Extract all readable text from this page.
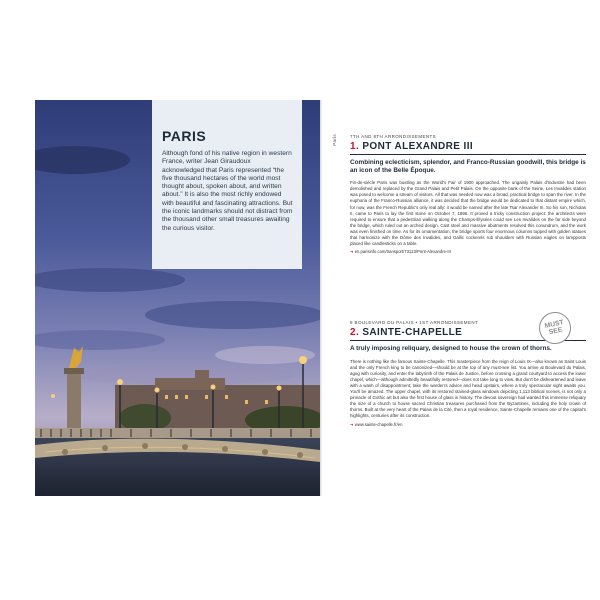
PARIS

Although fond of his native region in western France, writer Jean Giraudoux acknowledged that Paris represented “the five thousand hectares of the world most thought about, spoken about, and written about.” It is also the most richly endowed with beautiful and fascinating attractions. But the iconic landmarks should not distract from the thousand other small treasures awaiting the curious visitor.

Paris	7TH AND 8TH ARRONDISSEMENTS
1. PONT ALEXANDRE III
Combining eclecticism, splendor, and Franco-Russian goodwill, this bridge is an icon of the Belle Époque.
Fin-de-siècle Paris was bustling as the World's Fair of 1900 approached. The ungainly Palais d'Industrie had been demolished and replaced by the Grand Palais and Petit Palais. On the opposite bank of the Seine, Les Invalides station was posed to welcome a stream of visitors. All that was needed now was a broad, practical bridge to span the river. In the euphoria of the Franco-Russian alliance, it was decided that the bridge would be dedicated to that distant empire which, for now, was the French Republic's only real ally: it would be named after the late Tsar Alexander III. So his son, Nicholas II, came to Paris to lay the first stone on October 7, 1896. It proved a tricky construction project: the architects were required to ensure that a pedestrian walking along the Champs-Élysées could see Les Invalides on the far side beyond the bridge, which ruled out an arched design. Cast steel and massive abutments resolved this conundrum, and the work was even finished on time. As for its ornamentation, the bridge sports four enormous columns topped with golden statues that harmonize with the Dôme des Invalides, and Gallic cockerels rub shoulders with Russian eagles on lampposts placed like candlesticks on a table.
➔ en.parisinfo.com/transport/73123/Pont-Alexandre-III
MUST SEE
8 BOULEVARD DU PALAIS • 1ST ARRONDISSEMENT
2. SAINTE-CHAPELLE
A truly imposing reliquary, designed to house the crown of thorns.
There is nothing like the famous Sainte-Chapelle. This masterpiece from the reign of Louis IX—also known as Saint Louis and the only French king to be canonized—should be at the top of any must-see list. You arrive at Boulevard du Palais, agog with curiosity, and enter the labyrinth of the Palais de Justice, before crossing a grand courtyard to access the lower chapel, which—although admittedly beautifully restored—does not take long to view. But don't be disheartened and leave with a wash of disappointment; take the warden's advice and head upstairs, where a truly spectacular sight awaits you. You'll be amazed. The upper chapel, with its restored stained-glass windows depicting 1,113 biblical scenes, is not only a pinnacle of Gothic art but also the first house of glass in history. The devout sovereign had wanted this immense reliquary the size of a church to house sacred Christian treasures purchased from the Byzantines, including the holy crown of thorns. Built at the very heart of the Palais de la Cité, then a royal residence, Sainte-Chapelle remains one of the capital's highlights, centuries after its construction.
➔ www.sainte-chapelle.fr/en
